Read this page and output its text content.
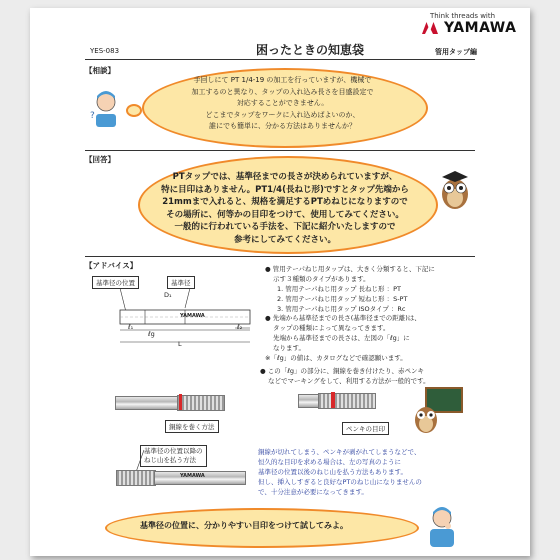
Think threads with
YAMAWA
YES-083	困ったときの知恵袋	管用タップ編
【相談】
手回しにて PT 1/4-19 の加工を行っていますが、機械で
加工するのと異なり、タップの入れ込み長さを目盛設定で
対応することができません。
どこまでタップをワークに入れ込めばよいのか、
誰にでも簡単に、分かる方法はありませんか？
?
【回答】
PTタップでは、基準径までの長さが決められていますが、
特に目印はありません。PT1/4(長ねじ形)ですとタップ先端から
21mmまで入れると、規格を満足するPTめねじになりますので
その場所に、何等かの目印をつけて、使用してみてください。
一般的に行われている手法を、下記に紹介いたしますので
参考にしてみてください。
【アドバイス】
基準径の位置	基準径
D₁
YAMAWA
ℓ₁	ℓ₂
ℓg
L
● 管用テーパねじ用タップは、大きく分類すると、下記に
示す３種類のタイプがあります。
1. 管用テーパねじ用タップ 長ねじ形 ：PT
2. 管用テーパねじ用タップ 短ねじ形 ：S-PT
3. 管用テーパねじ用タップ ISOタイプ ：Rc
● 先端から基準径までの長さ(基準径までの距離)は、
タップの種類によって異なってきます。
先端から基準径までの長さは、左図の「ℓg」に
なります。
※「ℓg」の値は、カタログなどで確認願います。
● この「ℓg」の部分に、銅線を巻き付けたり、赤ペンキ
などでマーキングをして、利用する方法が一般的です。
銅線を巻く方法	ペンキの目印
基準径の位置以降の
ねじ山を払う方法
YAMAWA
銅線が切れてしまう、ペンキが剥がれてしまうなどで、
恒久的な目印を求める場合は、左の写真のように
基準径の位置以後のねじ山を払う方法もあります。
但し、挿入しすぎると良好なPTのねじ山になりませんの
で、十分注意が必要になってきます。
基準径の位置に、分かりやすい目印をつけて試してみよ。
